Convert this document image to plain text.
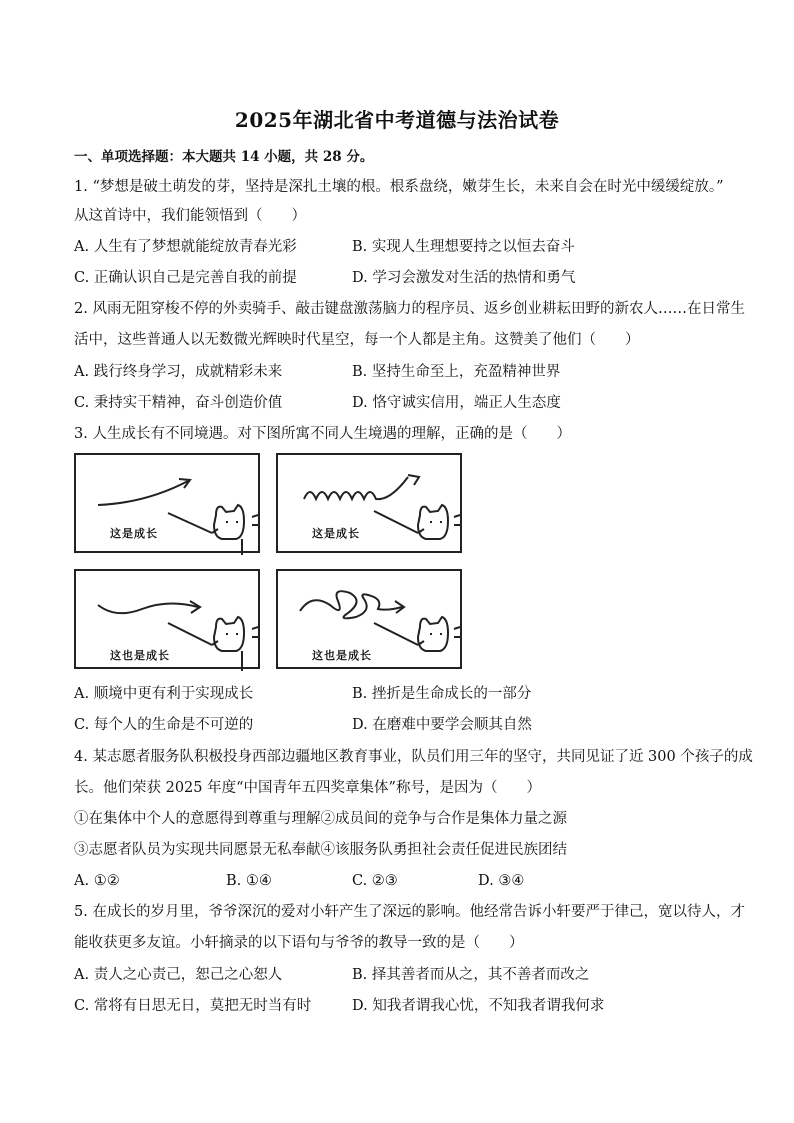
2025年湖北省中考道德与法治试卷
一、单项选择题：本大题共 14 小题，共 28 分。
1. “梦想是破土萌发的芽，坚持是深扎土壤的根。根系盘绕，嫩芽生长，未来自会在时光中缓缓绽放。”
从这首诗中，我们能领悟到（　　）
A. 人生有了梦想就能绽放青春光彩	B. 实现人生理想要持之以恒去奋斗
C. 正确认识自己是完善自我的前提	D. 学习会激发对生活的热情和勇气
2. 风雨无阻穿梭不停的外卖骑手、敲击键盘激荡脑力的程序员、返乡创业耕耘田野的新农人……在日常生
活中，这些普通人以无数微光辉映时代星空，每一个人都是主角。这赞美了他们（　　）
A. 践行终身学习，成就精彩未来	B. 坚持生命至上，充盈精神世界
C. 秉持实干精神，奋斗创造价值	D. 恪守诚实信用，端正人生态度
3. 人生成长有不同境遇。对下图所寓不同人生境遇的理解，正确的是（　　）
这是成长	这是成长
这也是成长	这也是成长
A. 顺境中更有利于实现成长	B. 挫折是生命成长的一部分
C. 每个人的生命是不可逆的	D. 在磨难中要学会顺其自然
4. 某志愿者服务队积极投身西部边疆地区教育事业，队员们用三年的坚守，共同见证了近 300 个孩子的成
长。他们荣获 2025 年度“中国青年五四奖章集体”称号，是因为（　　）
①在集体中个人的意愿得到尊重与理解②成员间的竞争与合作是集体力量之源
③志愿者队员为实现共同愿景无私奉献④该服务队勇担社会责任促进民族团结
A. ①②	B. ①④	C. ②③	D. ③④
5. 在成长的岁月里，爷爷深沉的爱对小轩产生了深远的影响。他经常告诉小轩要严于律己，宽以待人，才
能收获更多友谊。小轩摘录的以下语句与爷爷的教导一致的是（　　）
A. 责人之心责己，恕己之心恕人	B. 择其善者而从之，其不善者而改之
C. 常将有日思无日，莫把无时当有时	D. 知我者谓我心忧，不知我者谓我何求
